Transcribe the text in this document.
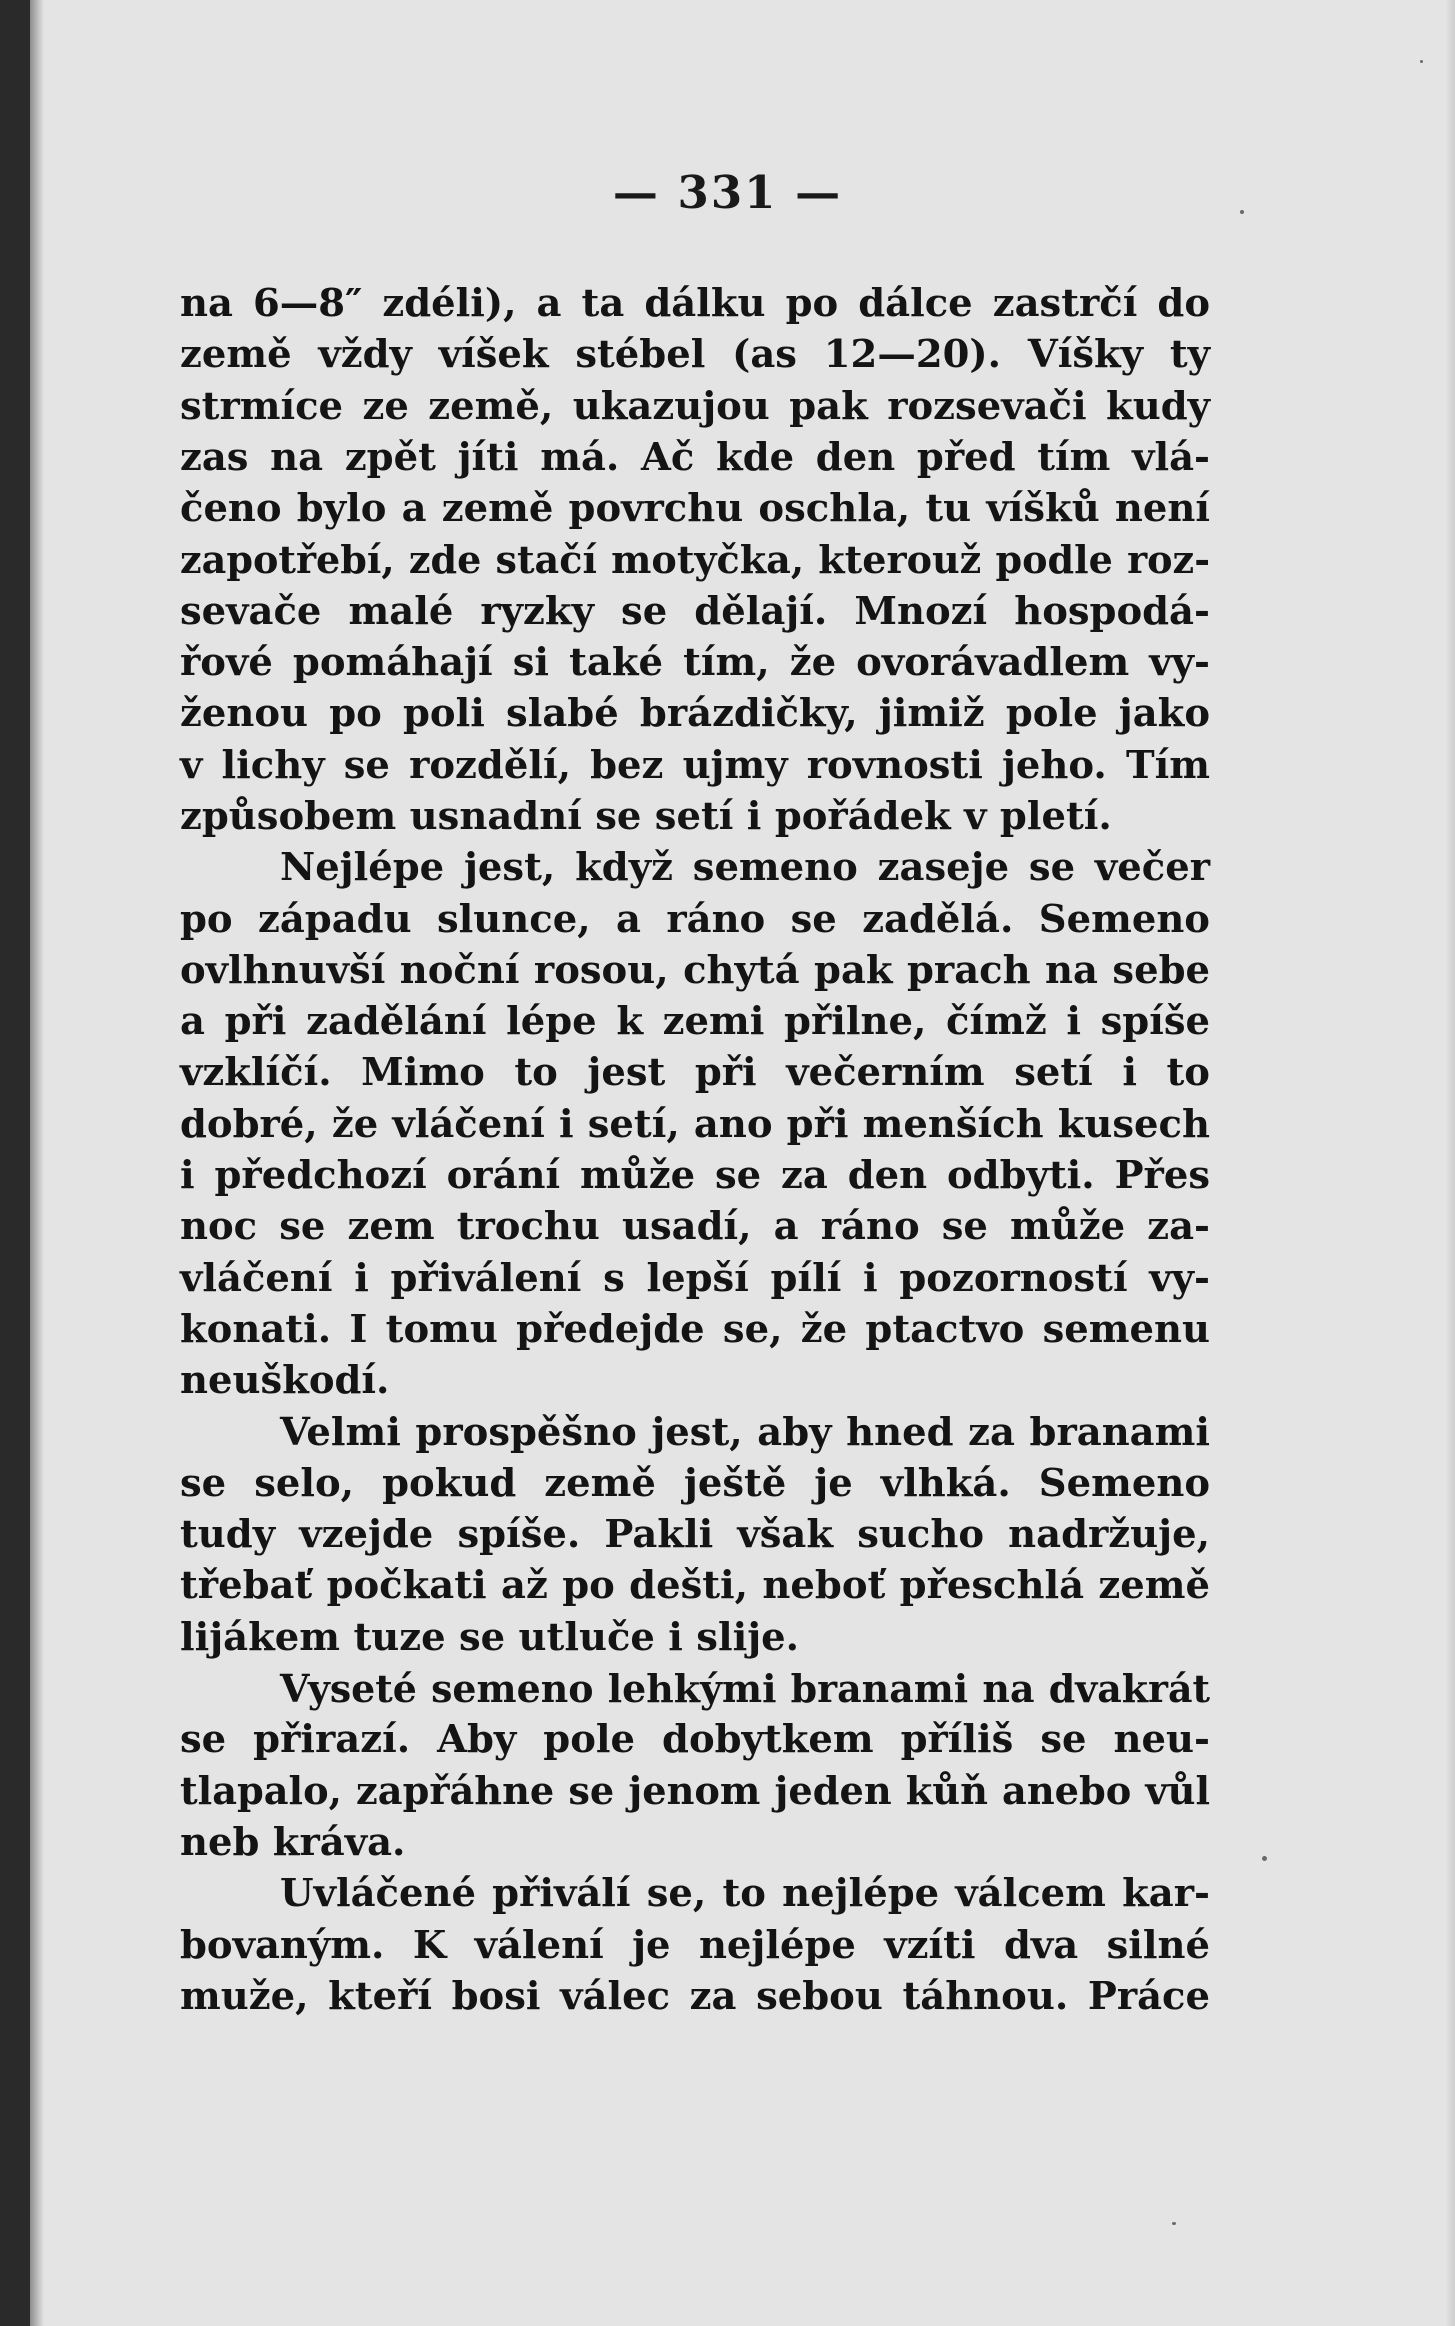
— 331 —
na 6—8″ zdéli), a ta dálku po dálce zastrčí do
země vždy víšek stébel (as 12—20). Víšky ty
strmíce ze země, ukazujou pak rozsevači kudy
zas na zpět jíti má. Ač kde den před tím vlá-
čeno bylo a země povrchu oschla, tu víšků není
zapotřebí, zde stačí motyčka, kterouž podle roz-
sevače malé ryzky se dělají. Mnozí hospodá-
řové pomáhají si také tím, že ovorávadlem vy-
ženou po poli slabé brázdičky, jimiž pole jako
v lichy se rozdělí, bez ujmy rovnosti jeho. Tím
způsobem usnadní se setí i pořádek v pletí.
Nejlépe jest, když semeno zaseje se večer
po západu slunce, a ráno se zadělá. Semeno
ovlhnuvší noční rosou, chytá pak prach na sebe
a při zadělání lépe k zemi přilne, čímž i spíše
vzklíčí. Mimo to jest při večerním setí i to
dobré, že vláčení i setí, ano při menších kusech
i předchozí orání může se za den odbyti. Přes
noc se zem trochu usadí, a ráno se může za-
vláčení i přiválení s lepší pílí i pozorností vy-
konati. I tomu předejde se, že ptactvo semenu
neuškodí.
Velmi prospěšno jest, aby hned za branami
se selo, pokud země ještě je vlhká. Semeno
tudy vzejde spíše. Pakli však sucho nadržuje,
třebať počkati až po dešti, neboť přeschlá země
lijákem tuze se utluče i slije.
Vyseté semeno lehkými branami na dvakrát
se přirazí. Aby pole dobytkem příliš se neu-
tlapalo, zapřáhne se jenom jeden kůň anebo vůl
neb kráva.
Uvláčené přiválí se, to nejlépe válcem kar-
bovaným. K válení je nejlépe vzíti dva silné
muže, kteří bosi válec za sebou táhnou. Práce
